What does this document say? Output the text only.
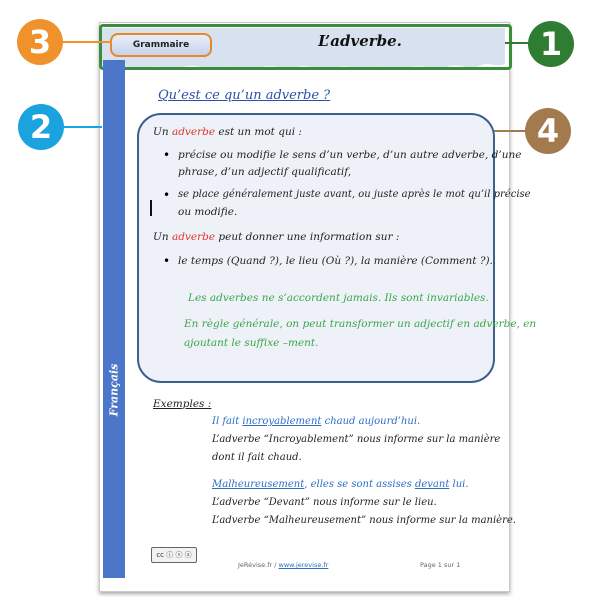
L’adverbe.
Grammaire
Français
1
2
3
4
Qu’est ce qu’un adverbe ?
Un adverbe est un mot qui :
• précise ou modifie le sens d’un verbe, d’un autre adverbe, d’une
phrase, d’un adjectif qualificatif,
• se place généralement juste avant, ou juste après le mot qu’il précise
ou modifie.
Un adverbe peut donner une information sur :
• le temps (Quand ?), le lieu (Où ?), la manière (Comment ?).
Les adverbes ne s’accordent jamais. Ils sont invariables.
En règle générale, on peut transformer un adjectif en adverbe, en
ajoutant le suffixe –ment.
Exemples :
Il fait incroyablement chaud aujourd’hui.
L’adverbe “Incroyablement” nous informe sur la manière
dont il fait chaud.
Malheureusement, elles se sont assises devant lui.
L’adverbe “Devant” nous informe sur le lieu.
L’adverbe “Malheureusement” nous informe sur la manière.
cc ⓘ ⓢ ⓐ
JeRévise.fr / www.jerevise.fr	Page 1 sur 1
